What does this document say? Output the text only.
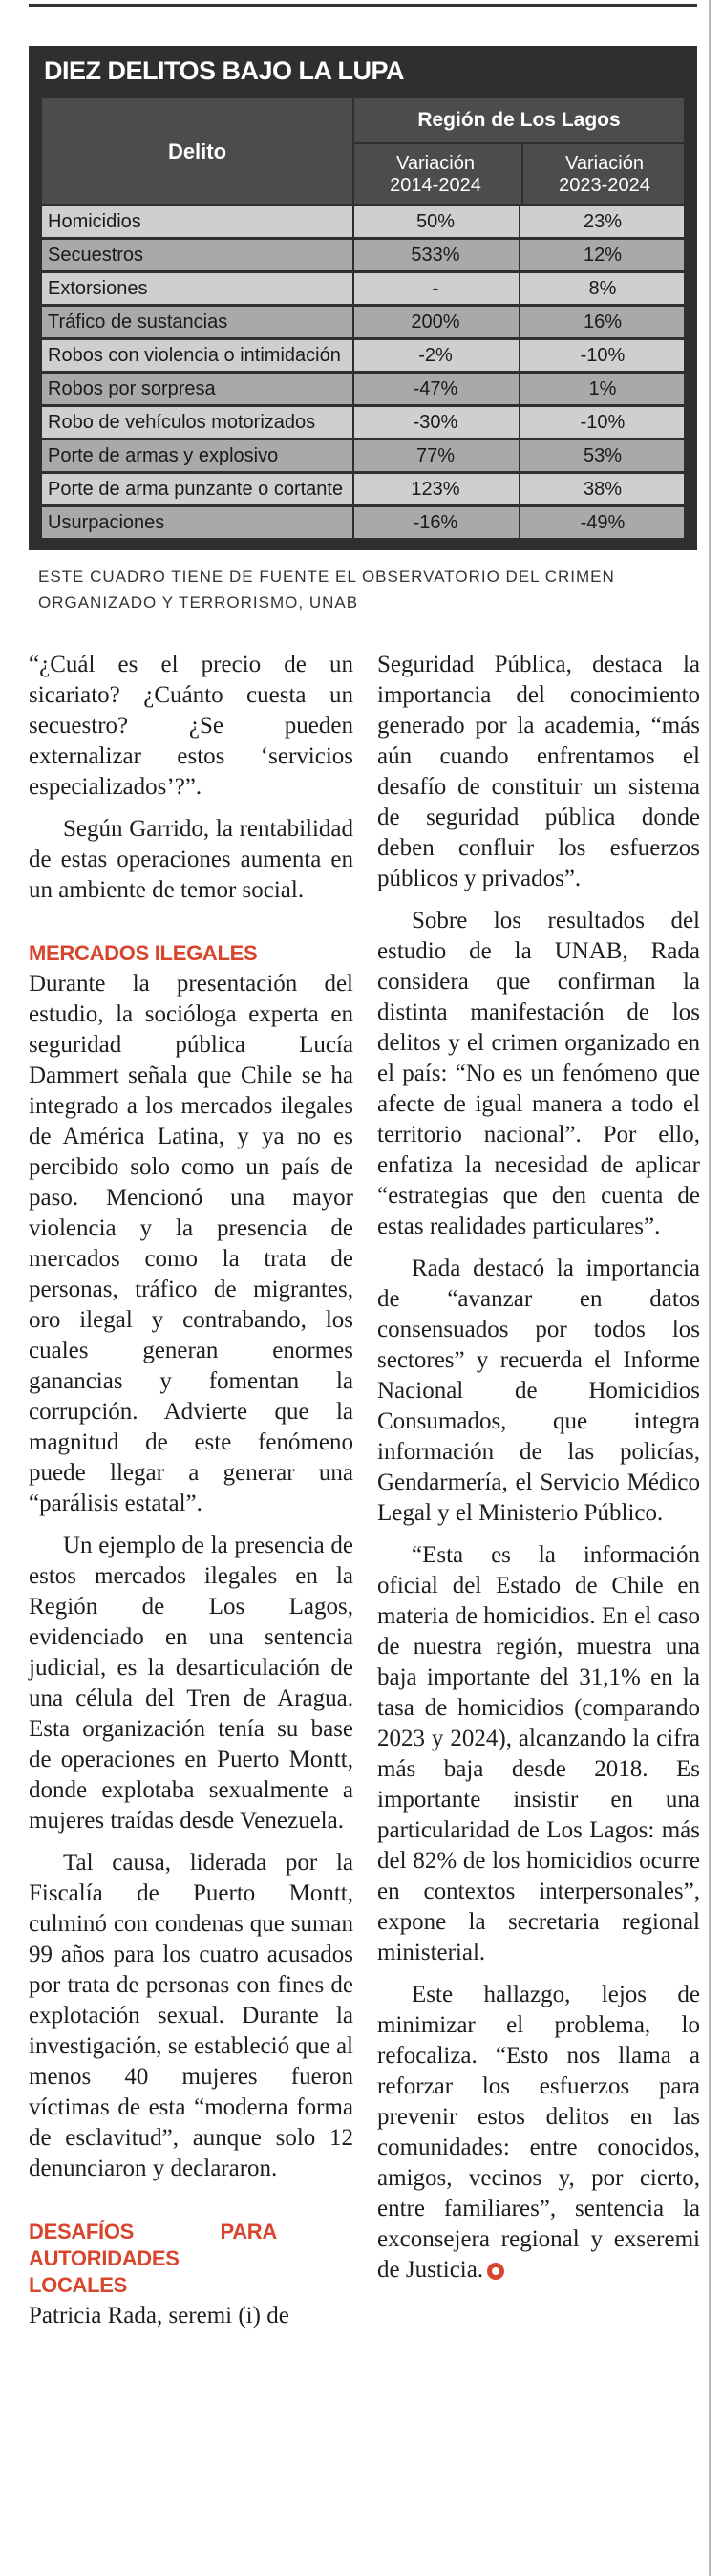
DIEZ DELITOS BAJO LA LUPA
Delito
Región de Los Lagos
Variación
2014-2024
Variación
2023-2024
Homicidios	50%	23%
Secuestros	533%	12%
Extorsiones	-	8%
Tráfico de sustancias	200%	16%
Robos con violencia o intimidación	-2%	-10%
Robos por sorpresa	-47%	1%
Robo de vehículos motorizados	-30%	-10%
Porte de armas y explosivo	77%	53%
Porte de arma punzante o cortante	123%	38%
Usurpaciones	-16%	-49%
ESTE CUADRO TIENE DE FUENTE EL OBSERVATORIO DEL CRIMEN ORGANIZADO Y TERRORISMO, UNAB

“¿Cuál es el precio de un sicariato? ¿Cuánto cuesta un secuestro? ¿Se pueden externalizar estos ‘servicios especializados’?”.

Según Garrido, la rentabilidad de estas operaciones aumenta en un ambiente de temor social.

MERCADOS ILEGALES

Durante la presentación del estudio, la socióloga experta en seguridad pública Lucía Dammert señala que Chile se ha integrado a los mercados ilegales de América Latina, y ya no es percibido solo como un país de paso. Mencionó una mayor violencia y la presencia de mercados como la trata de personas, tráfico de migrantes, oro ilegal y contrabando, los cuales generan enormes ganancias y fomentan la corrupción. Advierte que la magnitud de este fenómeno puede llegar a generar una “parálisis estatal”.

Un ejemplo de la presencia de estos mercados ilegales en la Región de Los Lagos, evidenciado en una sentencia judicial, es la desarticulación de una célula del Tren de Aragua. Esta organización tenía su base de operaciones en Puerto Montt, donde explotaba sexualmente a mujeres traídas desde Venezuela.

Tal causa, liderada por la Fiscalía de Puerto Montt, culminó con condenas que suman 99 años para los cuatro acusados por trata de personas con fines de explotación sexual. Durante la investigación, se estableció que al menos 40 mujeres fueron víctimas de esta “moderna forma de esclavitud”, aunque solo 12 denunciaron y declararon.

DESAFÍOS PARA AUTORIDADES LOCALES

Patricia Rada, seremi (i) de

Seguridad Pública, destaca la importancia del conocimiento generado por la academia, “más aún cuando enfrentamos el desafío de constituir un sistema de seguridad pública donde deben confluir los esfuerzos públicos y privados”.

Sobre los resultados del estudio de la UNAB, Rada considera que confirman la distinta manifestación de los delitos y el crimen organizado en el país: “No es un fenómeno que afecte de igual manera a todo el territorio nacional”. Por ello, enfatiza la necesidad de aplicar “estrategias que den cuenta de estas realidades particulares”.

Rada destacó la importancia de “avanzar en datos consensuados por todos los sectores” y recuerda el Informe Nacional de Homicidios Consumados, que integra información de las policías, Gendarmería, el Servicio Médico Legal y el Ministerio Público.

“Esta es la información oficial del Estado de Chile en materia de homicidios. En el caso de nuestra región, muestra una baja importante del 31,1% en la tasa de homicidios (comparando 2023 y 2024), alcanzando la cifra más baja desde 2018. Es importante insistir en una particularidad de Los Lagos: más del 82% de los homicidios ocurre en contextos interpersonales”, expone la secretaria regional ministerial.

Este hallazgo, lejos de minimizar el problema, lo refocaliza. “Esto nos llama a reforzar los esfuerzos para prevenir estos delitos en las comunidades: entre conocidos, amigos, vecinos y, por cierto, entre familiares”, sentencia la exconsejera regional y exseremi de Justicia.
